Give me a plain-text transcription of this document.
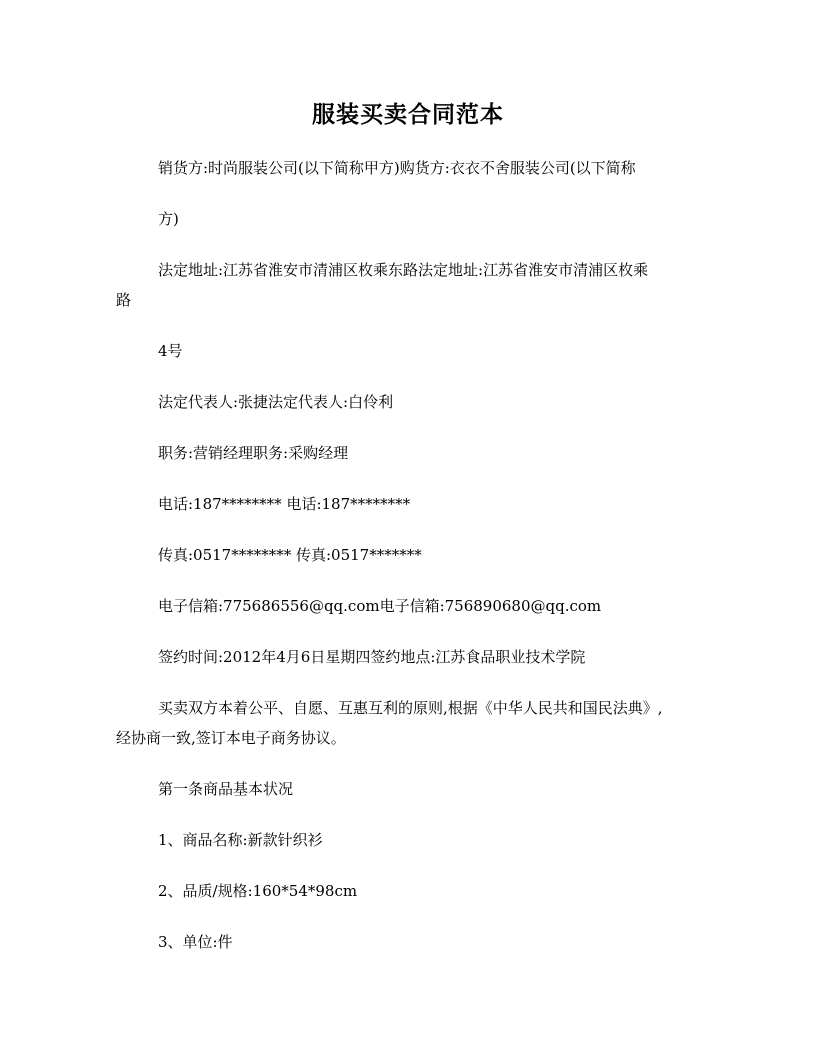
服装买卖合同范本
销货方:时尚服装公司(以下简称甲方)购货方:衣衣不舍服装公司(以下简称
方)
法定地址:江苏省淮安市清浦区枚乘东路法定地址:江苏省淮安市清浦区枚乘
路
4号
法定代表人:张捷法定代表人:白伶利
职务:营销经理职务:采购经理
电话:187******** 电话:187********
传真:0517******** 传真:0517*******
电子信箱:775686556@qq.com电子信箱:756890680@qq.com
签约时间:2012年4月6日星期四签约地点:江苏食品职业技术学院
买卖双方本着公平、自愿、互惠互利的原则,根据《中华人民共和国民法典》,
经协商一致,签订本电子商务协议。
第一条商品基本状况
1、商品名称:新款针织衫
2、品质/规格:160*54*98cm
3、单位:件
